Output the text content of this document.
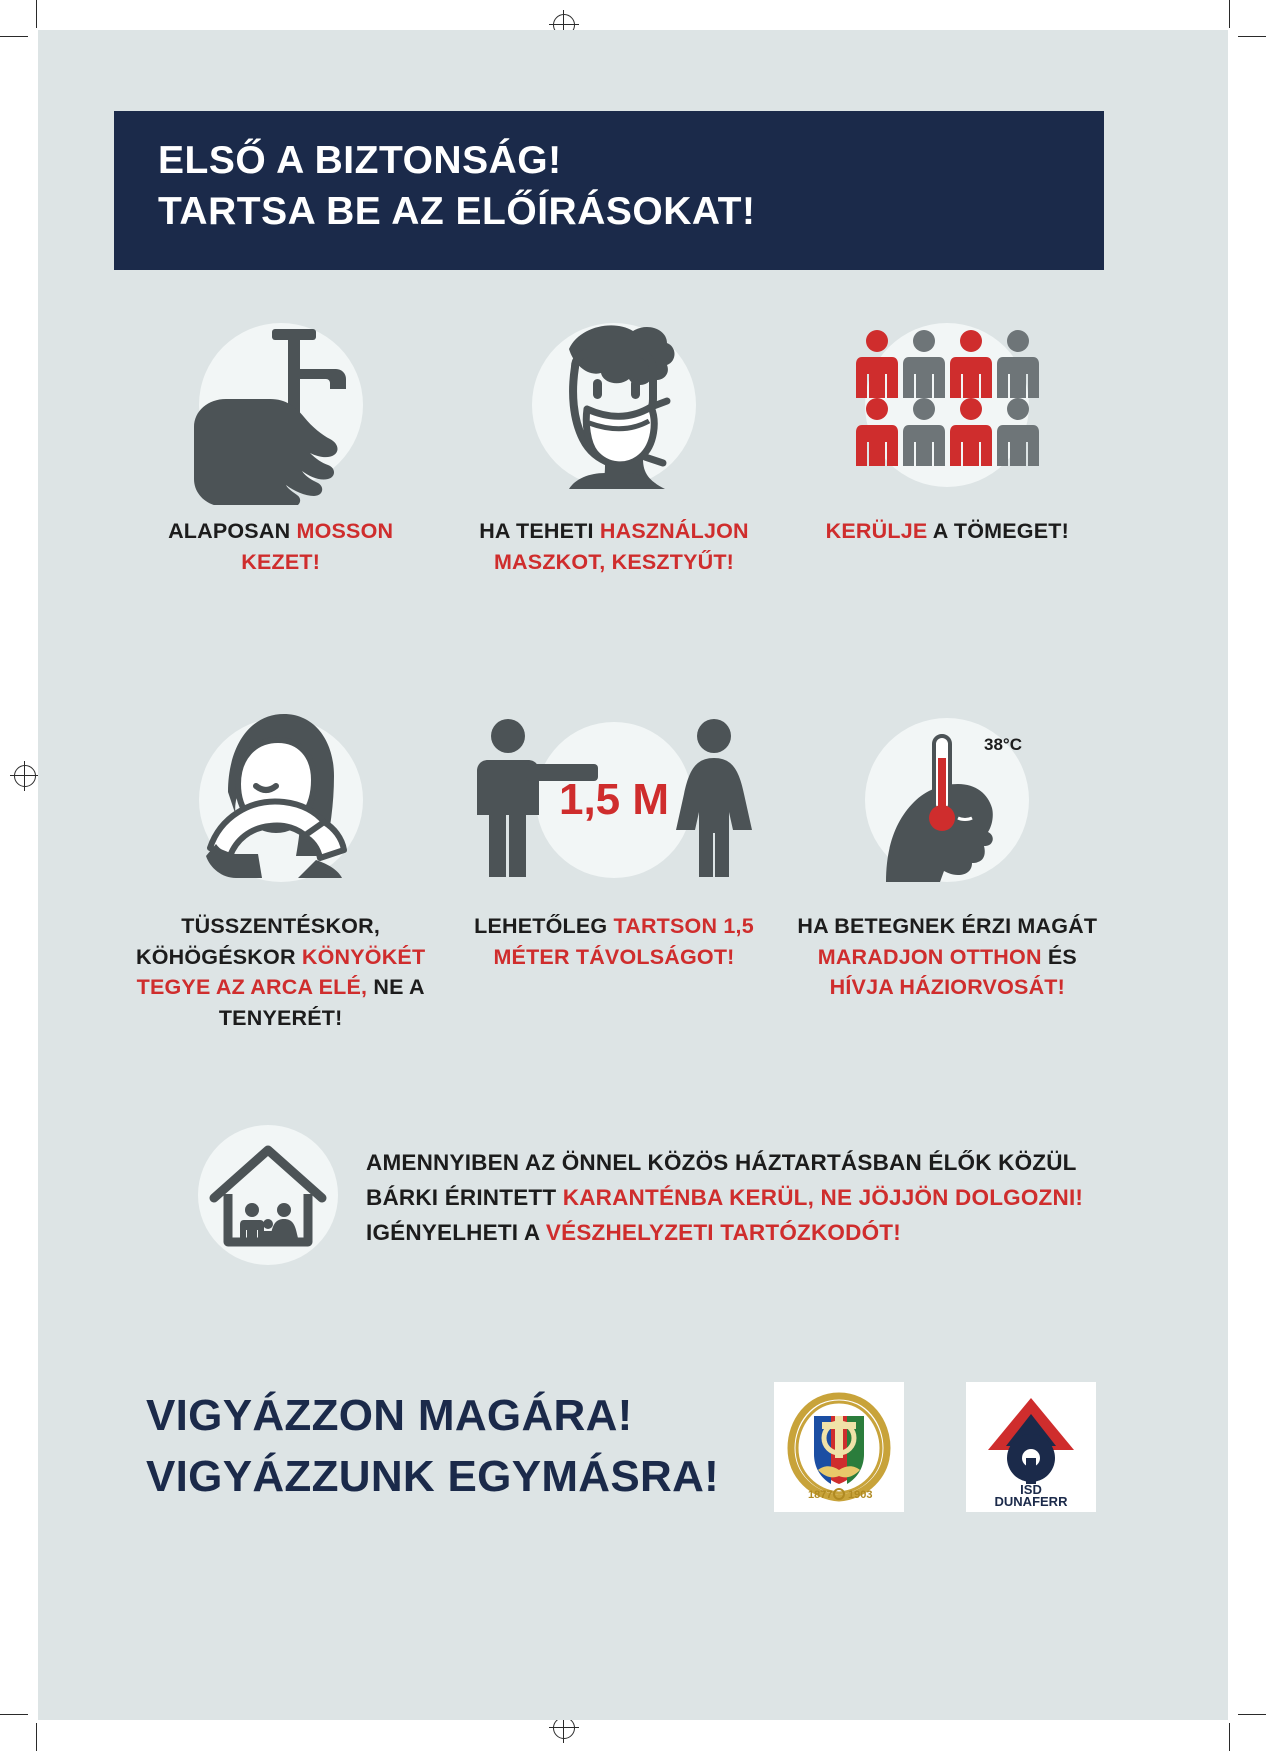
ELSŐ A BIZTONSÁG!
TARTSA BE AZ ELŐÍRÁSOKAT!
ALAPOSAN MOSSON KEZET!
HA TEHETI HASZNÁLJON MASZKOT, KESZTYŰT!
KERÜLJE A TÖMEGET!
1,5 M
38°C
TÜSSZENTÉSKOR, KÖHÖGÉSKOR KÖNYÖKÉT TEGYE AZ ARCA ELÉ, NE A TENYERÉT!
LEHETŐLEG TARTSON 1,5 MÉTER TÁVOLSÁGOT!
HA BETEGNEK ÉRZI MAGÁT MARADJON OTTHON ÉS HÍVJA HÁZIORVOSÁT!
AMENNYIBEN AZ ÖNNEL KÖZÖS HÁZTARTÁSBAN ÉLŐK KÖZÜL BÁRKI ÉRINTETT KARANTÉNBA KERÜL, NE JÖJJÖN DOLGOZNI! IGÉNYELHETI A VÉSZHELYZETI TARTÓZKODÓT!
VIGYÁZZON MAGÁRA!
VIGYÁZZUNK EGYMÁSRA!	1877 1903	ISD
DUNAFERR
